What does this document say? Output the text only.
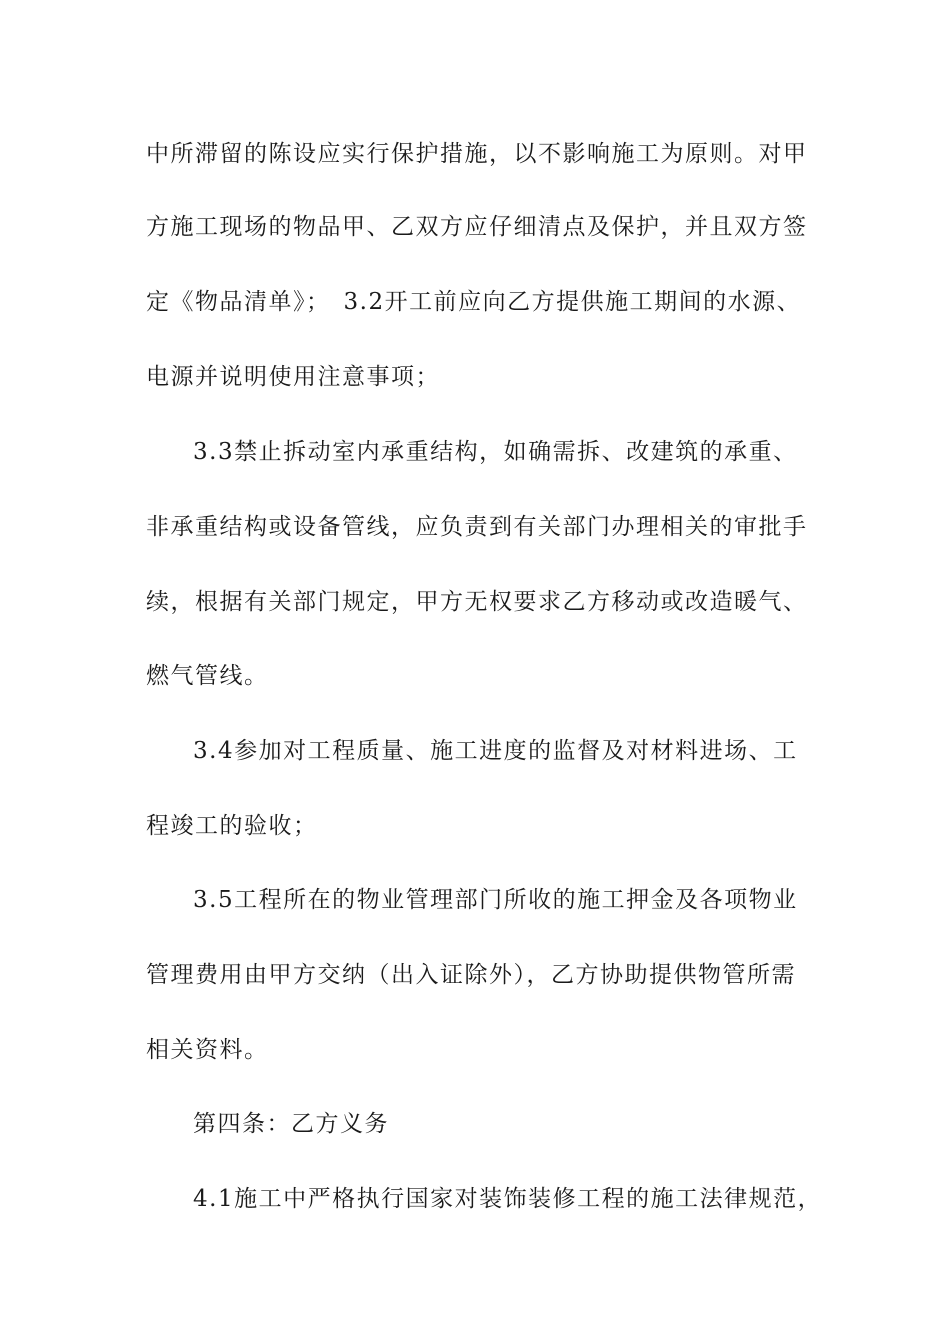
中所滞留的陈设应实行保护措施，以不影响施工为原则。对甲
方施工现场的物品甲、乙双方应仔细清点及保护，并且双方签
定《物品清单》；　3.2开工前应向乙方提供施工期间的水源、
电源并说明使用注意事项；
3.3禁止拆动室内承重结构，如确需拆、改建筑的承重、
非承重结构或设备管线，应负责到有关部门办理相关的审批手
续，根据有关部门规定，甲方无权要求乙方移动或改造暖气、
燃气管线。
3.4参加对工程质量、施工进度的监督及对材料进场、工
程竣工的验收；
3.5工程所在的物业管理部门所收的施工押金及各项物业
管理费用由甲方交纳（出入证除外），乙方协助提供物管所需
相关资料。
第四条：乙方义务
4.1施工中严格执行国家对装饰装修工程的施工法律规范，
